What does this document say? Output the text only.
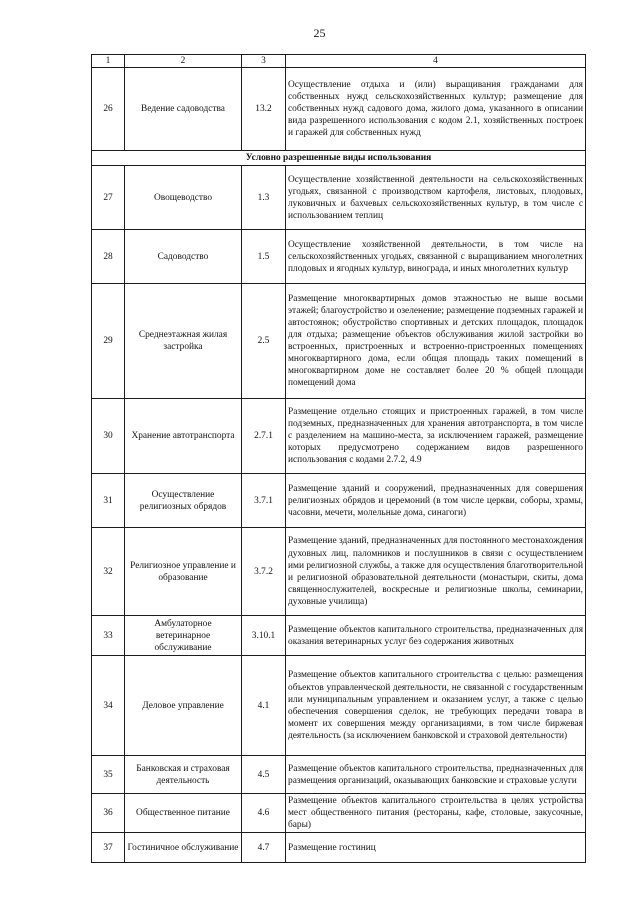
25
1	2	3	4
26	Ведение садоводства	13.2	Осуществление отдыха и (или) выращивания гражданами для собственных нужд сельскохозяйственных культур; размещение для собственных нужд садового дома, жилого дома, указанного в описании вида разрешенного использования с кодом 2.1, хозяйственных построек и гаражей для собственных нужд
Условно разрешенные виды использования			
27	Овощеводство	1.3	Осуществление хозяйственной деятельности на сельскохозяйственных угодьях, связанной с производством картофеля, листовых, плодовых, луковичных и бахчевых сельскохозяйственных культур, в том числе с использованием теплиц
28	Садоводство	1.5	Осуществление хозяйственной деятельности, в том числе на сельскохозяйственных угодьях, связанной с выращиванием многолетних плодовых и ягодных культур, винограда, и иных многолетних культур
29	Среднеэтажная жилая застройка	2.5	Размещение многоквартирных домов этажностью не выше восьми этажей; благоустройство и озеленение; размещение подземных гаражей и автостоянок; обустройство спортивных и детских площадок, площадок для отдыха; размещение объектов обслуживания жилой застройки во встроенных, пристроенных и встроенно-пристроенных помещениях многоквартирного дома, если общая площадь таких помещений в многоквартирном доме не составляет более 20 % общей площади помещений дома
30	Хранение автотранспорта	2.7.1	Размещение отдельно стоящих и пристроенных гаражей, в том числе подземных, предназначенных для хранения автотранспорта, в том числе с разделением на машино-места, за исключением гаражей, размещение которых предусмотрено содержанием видов разрешенного использования с кодами 2.7.2, 4.9
31	Осуществление религиозных обрядов	3.7.1	Размещение зданий и сооружений, предназначенных для совершения религиозных обрядов и церемоний (в том числе церкви, соборы, храмы, часовни, мечети, молельные дома, синагоги)
32	Религиозное управление и образование	3.7.2	Размещение зданий, предназначенных для постоянного местонахождения духовных лиц, паломников и послушников в связи с осуществлением ими религиозной службы, а также для осуществления благотворительной и религиозной образовательной деятельности (монастыри, скиты, дома священнослужителей, воскресные и религиозные школы, семинарии, духовные училища)
33	Амбулаторное ветеринарное обслуживание	3.10.1	Размещение объектов капитального строительства, предназначенных для оказания ветеринарных услуг без содержания животных
34	Деловое управление	4.1	Размещение объектов капитального строительства с целью: размещения объектов управленческой деятельности, не связанной с государственным или муниципальным управлением и оказанием услуг, а также с целью обеспечения совершения сделок, не требующих передачи товара в момент их совершения между организациями, в том числе биржевая деятельность (за исключением банковской и страховой деятельности)
35	Банковская и страховая деятельность	4.5	Размещение объектов капитального строительства, предназначенных для размещения организаций, оказывающих банковские и страховые услуги
36	Общественное питание	4.6	Размещение объектов капитального строительства в целях устройства мест общественного питания (рестораны, кафе, столовые, закусочные, бары)
37	Гостиничное обслуживание	4.7	Размещение гостиниц
